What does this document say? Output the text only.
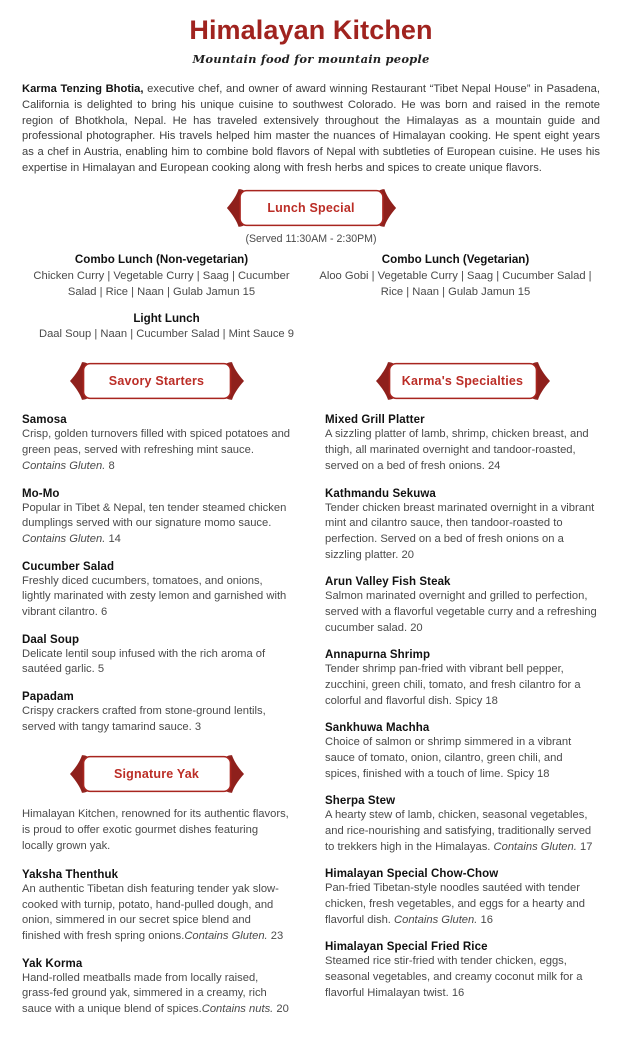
Himalayan Kitchen
Mountain food for mountain people

Karma Tenzing Bhotia, executive chef, and owner of award winning Restaurant “Tibet Nepal House” in Pasadena, California is delighted to bring his unique cuisine to southwest Colorado. He was born and raised in the remote region of Bhotkhola, Nepal. He has traveled extensively throughout the Himalayas as a mountain guide and professional photographer. His travels helped him master the nuances of Himalayan cooking. He spent eight years as a chef in Austria, enabling him to combine bold flavors of Nepal with subtleties of European cuisine. He uses his expertise in Himalayan and European cooking along with fresh herbs and spices to create unique flavors.

Lunch Special
(Served 11:30AM - 2:30PM)
Combo Lunch (Non-vegetarian)
Chicken Curry | Vegetable Curry | Saag | Cucumber Salad | Rice | Naan | Gulab Jamun 15
Combo Lunch (Vegetarian)
Aloo Gobi | Vegetable Curry | Saag | Cucumber Salad | Rice | Naan | Gulab Jamun 15
Light Lunch
Daal Soup | Naan | Cucumber Salad | Mint Sauce 9
Savory Starters
Samosa
Crisp, golden turnovers filled with spiced potatoes and green peas, served with refreshing mint sauce. Contains Gluten. 8
Mo-Mo
Popular in Tibet & Nepal, ten tender steamed chicken dumplings served with our signature momo sauce. Contains Gluten. 14
Cucumber Salad
Freshly diced cucumbers, tomatoes, and onions, lightly marinated with zesty lemon and garnished with vibrant cilantro. 6
Daal Soup
Delicate lentil soup infused with the rich aroma of sautéed garlic. 5
Papadam
Crispy crackers crafted from stone-ground lentils, served with tangy tamarind sauce. 3
Signature Yak
Himalayan Kitchen, renowned for its authentic flavors, is proud to offer exotic gourmet dishes featuring locally grown yak.
Yaksha Thenthuk
An authentic Tibetan dish featuring tender yak slow-cooked with turnip, potato, hand-pulled dough, and onion, simmered in our secret spice blend and finished with fresh spring onions.Contains Gluten. 23
Yak Korma
Hand-rolled meatballs made from locally raised, grass-fed ground yak, simmered in a creamy, rich sauce with a unique blend of spices.Contains nuts. 20
Karma's Specialties
Mixed Grill Platter
A sizzling platter of lamb, shrimp, chicken breast, and thigh, all marinated overnight and tandoor-roasted, served on a bed of fresh onions. 24
Kathmandu Sekuwa
Tender chicken breast marinated overnight in a vibrant mint and cilantro sauce, then tandoor-roasted to perfection. Served on a bed of fresh onions on a sizzling platter. 20
Arun Valley Fish Steak
Salmon marinated overnight and grilled to perfection, served with a flavorful vegetable curry and a refreshing cucumber salad. 20
Annapurna Shrimp
Tender shrimp pan-fried with vibrant bell pepper, zucchini, green chili, tomato, and fresh cilantro for a colorful and flavorful dish. Spicy 18
Sankhuwa Machha
Choice of salmon or shrimp simmered in a vibrant sauce of tomato, onion, cilantro, green chili, and spices, finished with a touch of lime. Spicy 18
Sherpa Stew
A hearty stew of lamb, chicken, seasonal vegetables, and rice-nourishing and satisfying, traditionally served to trekkers high in the Himalayas. Contains Gluten. 17
Himalayan Special Chow-Chow
Pan-fried Tibetan-style noodles sautéed with tender chicken, fresh vegetables, and eggs for a hearty and flavorful dish. Contains Gluten. 16
Himalayan Special Fried Rice
Steamed rice stir-fried with tender chicken, eggs, seasonal vegetables, and creamy coconut milk for a flavorful Himalayan twist. 16
